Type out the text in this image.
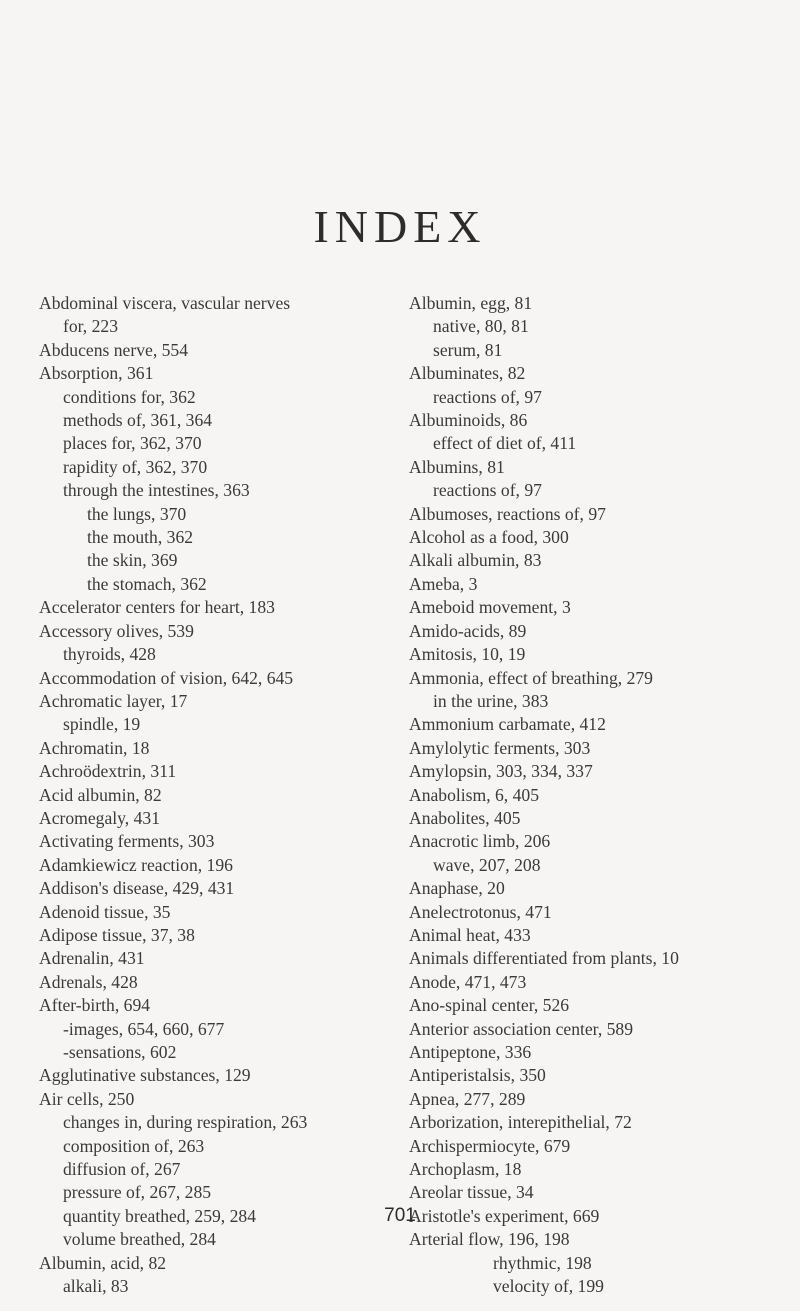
INDEX
Abdominal viscera, vascular nerves
for, 223
Abducens nerve, 554
Absorption, 361
conditions for, 362
methods of, 361, 364
places for, 362, 370
rapidity of, 362, 370
through the intestines, 363
the lungs, 370
the mouth, 362
the skin, 369
the stomach, 362
Accelerator centers for heart, 183
Accessory olives, 539
thyroids, 428
Accommodation of vision, 642, 645
Achromatic layer, 17
spindle, 19
Achromatin, 18
Achroödextrin, 311
Acid albumin, 82
Acromegaly, 431
Activating ferments, 303
Adamkiewicz reaction, 196
Addison's disease, 429, 431
Adenoid tissue, 35
Adipose tissue, 37, 38
Adrenalin, 431
Adrenals, 428
After-birth, 694
-images, 654, 660, 677
-sensations, 602
Agglutinative substances, 129
Air cells, 250
changes in, during respiration, 263
composition of, 263
diffusion of, 267
pressure of, 267, 285
quantity breathed, 259, 284
volume breathed, 284
Albumin, acid, 82
alkali, 83
Albumin, egg, 81
native, 80, 81
serum, 81
Albuminates, 82
reactions of, 97
Albuminoids, 86
effect of diet of, 411
Albumins, 81
reactions of, 97
Albumoses, reactions of, 97
Alcohol as a food, 300
Alkali albumin, 83
Ameba, 3
Ameboid movement, 3
Amido-acids, 89
Amitosis, 10, 19
Ammonia, effect of breathing, 279
in the urine, 383
Ammonium carbamate, 412
Amylolytic ferments, 303
Amylopsin, 303, 334, 337
Anabolism, 6, 405
Anabolites, 405
Anacrotic limb, 206
wave, 207, 208
Anaphase, 20
Anelectrotonus, 471
Animal heat, 433
Animals differentiated from plants, 10
Anode, 471, 473
Ano-spinal center, 526
Anterior association center, 589
Antipeptone, 336
Antiperistalsis, 350
Apnea, 277, 289
Arborization, interepithelial, 72
Archispermiocyte, 679
Archoplasm, 18
Areolar tissue, 34
Aristotle's experiment, 669
Arterial flow, 196, 198
rhythmic, 198
velocity of, 199
701
